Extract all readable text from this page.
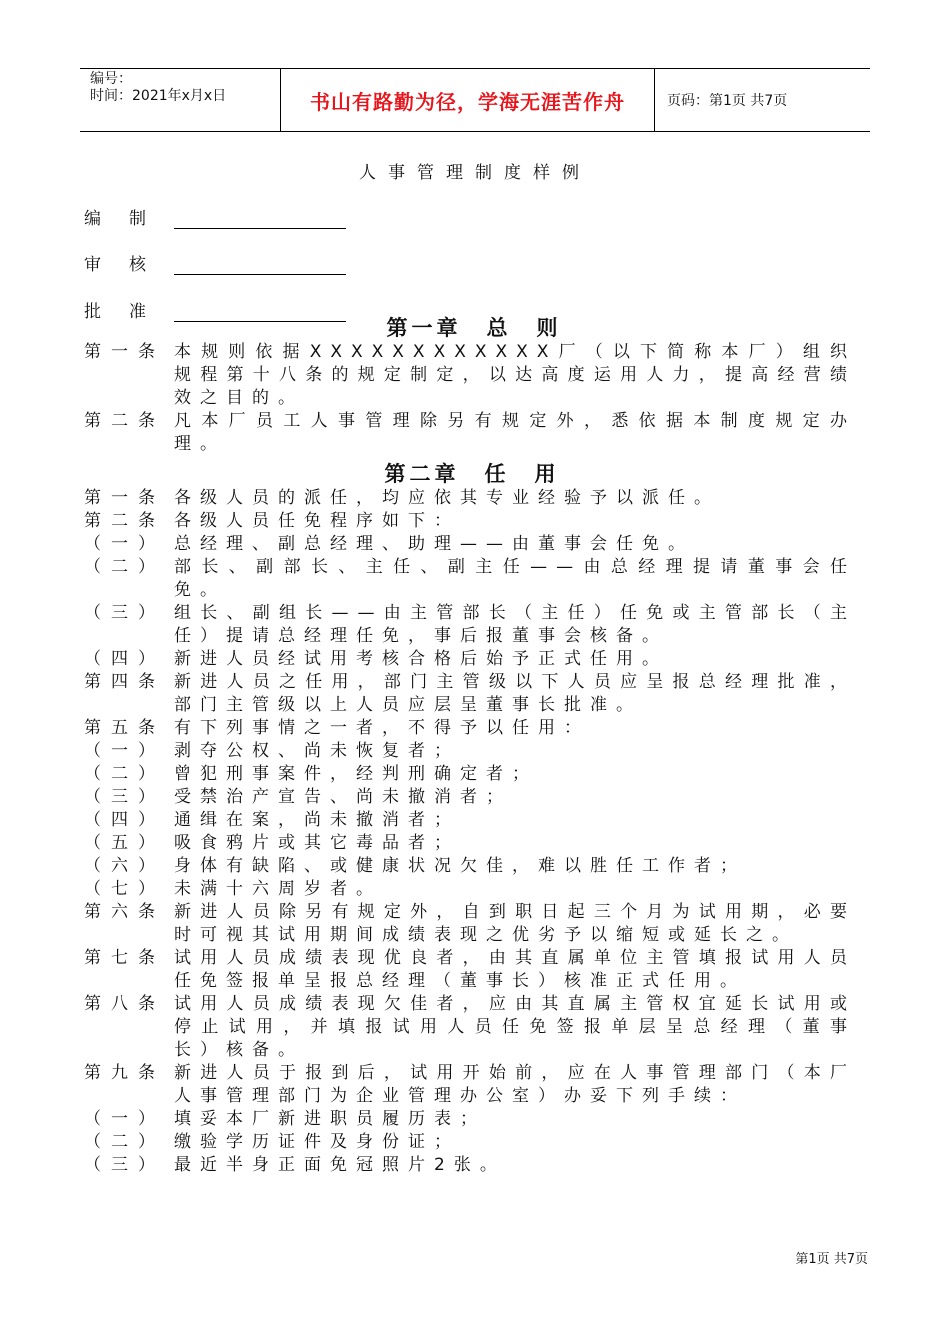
编号：
时间：2021年x月x日	书山有路勤为径，学海无涯苦作舟	页码：第1页 共7页
人事管理制度样例
编制
审核
批准

第一章　总　则

第一条 本规则依据XXXXXXXXXXXX厂（以下简称本厂）组织规程第十八条的规定制定，以达高度运用人力，提高经营绩效之目的。
第二条 凡本厂员工人事管理除另有规定外，悉依据本制度规定办理。

第二章　任　用

第一条 各级人员的派任，均应依其专业经验予以派任。
第二条 各级人员任免程序如下：
（一） 总经理、副总经理、助理——由董事会任免。
（二） 部长、副部长、主任、副主任——由总经理提请董事会任免。
（三） 组长、副组长——由主管部长（主任）任免或主管部长（主任）提请总经理任免，事后报董事会核备。
（四） 新进人员经试用考核合格后始予正式任用。
第四条 新进人员之任用，部门主管级以下人员应呈报总经理批准，部门主管级以上人员应层呈董事长批准。
第五条 有下列事情之一者，不得予以任用：
（一） 剥夺公权、尚未恢复者；
（二） 曾犯刑事案件，经判刑确定者；
（三） 受禁治产宣告、尚未撤消者；
（四） 通缉在案，尚未撤消者；
（五） 吸食鸦片或其它毒品者；
（六） 身体有缺陷、或健康状况欠佳，难以胜任工作者；
（七） 未满十六周岁者。
第六条 新进人员除另有规定外，自到职日起三个月为试用期，必要时可视其试用期间成绩表现之优劣予以缩短或延长之。
第七条 试用人员成绩表现优良者，由其直属单位主管填报试用人员任免签报单呈报总经理（董事长）核准正式任用。
第八条 试用人员成绩表现欠佳者，应由其直属主管权宜延长试用或停止试用，并填报试用人员任免签报单层呈总经理（董事长）核备。
第九条 新进人员于报到后，试用开始前，应在人事管理部门（本厂人事管理部门为企业管理办公室）办妥下列手续：
（一） 填妥本厂新进职员履历表；
（二） 缴验学历证件及身份证；
（三） 最近半身正面免冠照片2张。
第1页 共7页
